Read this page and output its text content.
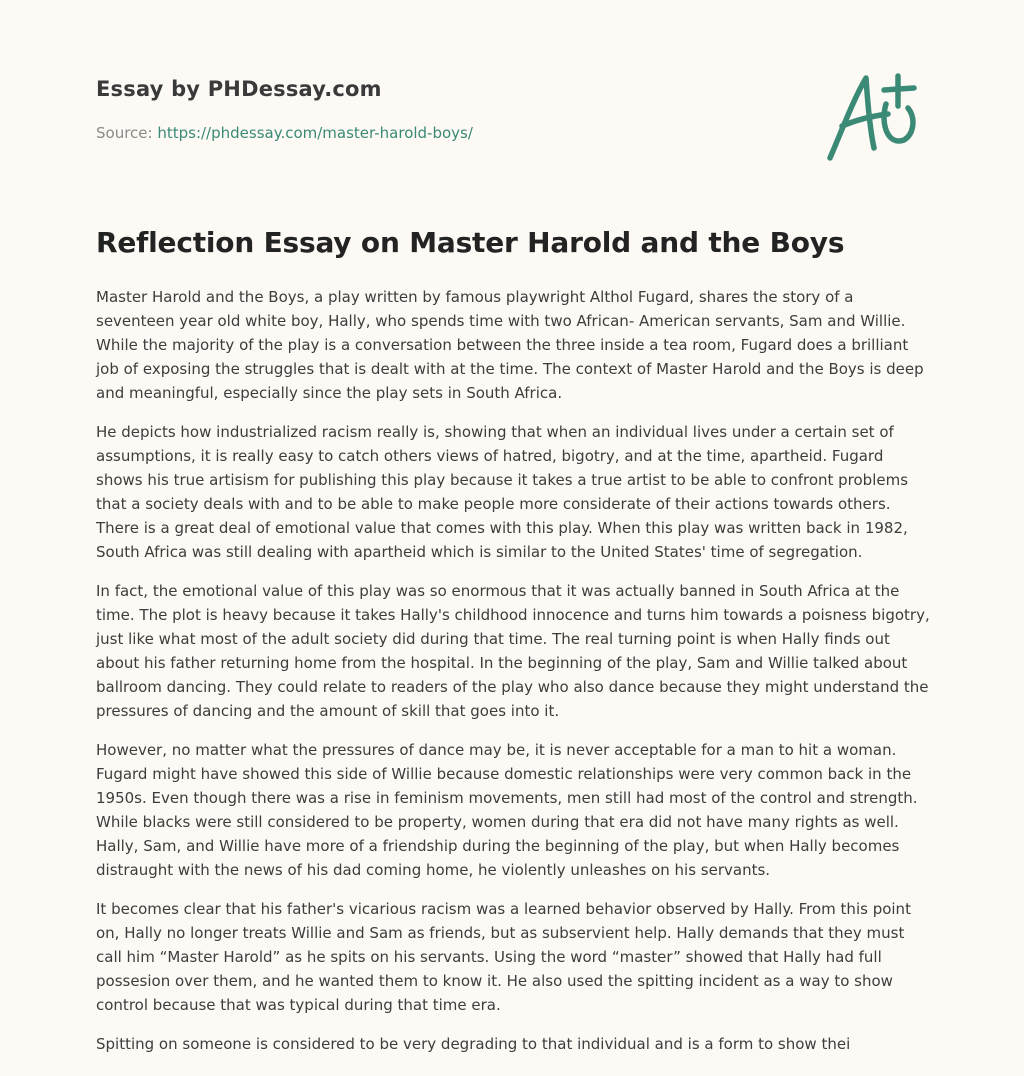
Essay by PHDessay.com
Source: https://phdessay.com/master-harold-boys/
Reflection Essay on Master Harold and the Boys

Master Harold and the Boys, a play written by famous playwright Althol Fugard, shares the story of a seventeen year old white boy, Hally, who spends time with two African- American servants, Sam and Willie. While the majority of the play is a conversation between the three inside a tea room, Fugard does a brilliant job of exposing the struggles that is dealt with at the time. The context of Master Harold and the Boys is deep and meaningful, especially since the play sets in South Africa.

He depicts how industrialized racism really is, showing that when an individual lives under a certain set of assumptions, it is really easy to catch others views of hatred, bigotry, and at the time, apartheid. Fugard shows his true artisism for publishing this play because it takes a true artist to be able to confront problems that a society deals with and to be able to make people more considerate of their actions towards others. There is a great deal of emotional value that comes with this play. When this play was written back in 1982, South Africa was still dealing with apartheid which is similar to the United States' time of segregation.

In fact, the emotional value of this play was so enormous that it was actually banned in South Africa at the time. The plot is heavy because it takes Hally's childhood innocence and turns him towards a poisness bigotry, just like what most of the adult society did during that time. The real turning point is when Hally finds out about his father returning home from the hospital. In the beginning of the play, Sam and Willie talked about ballroom dancing. They could relate to readers of the play who also dance because they might understand the pressures of dancing and the amount of skill that goes into it.

However, no matter what the pressures of dance may be, it is never acceptable for a man to hit a woman. Fugard might have showed this side of Willie because domestic relationships were very common back in the 1950s. Even though there was a rise in feminism movements, men still had most of the control and strength. While blacks were still considered to be property, women during that era did not have many rights as well. Hally, Sam, and Willie have more of a friendship during the beginning of the play, but when Hally becomes distraught with the news of his dad coming home, he violently unleashes on his servants.

It becomes clear that his father's vicarious racism was a learned behavior observed by Hally. From this point on, Hally no longer treats Willie and Sam as friends, but as subservient help. Hally demands that they must call him “Master Harold” as he spits on his servants. Using the word “master” showed that Hally had full possesion over them, and he wanted them to know it. He also used the spitting incident as a way to show control because that was typical during that time era.

Spitting on someone is considered to be very degrading to that individual and is a form to show thei
